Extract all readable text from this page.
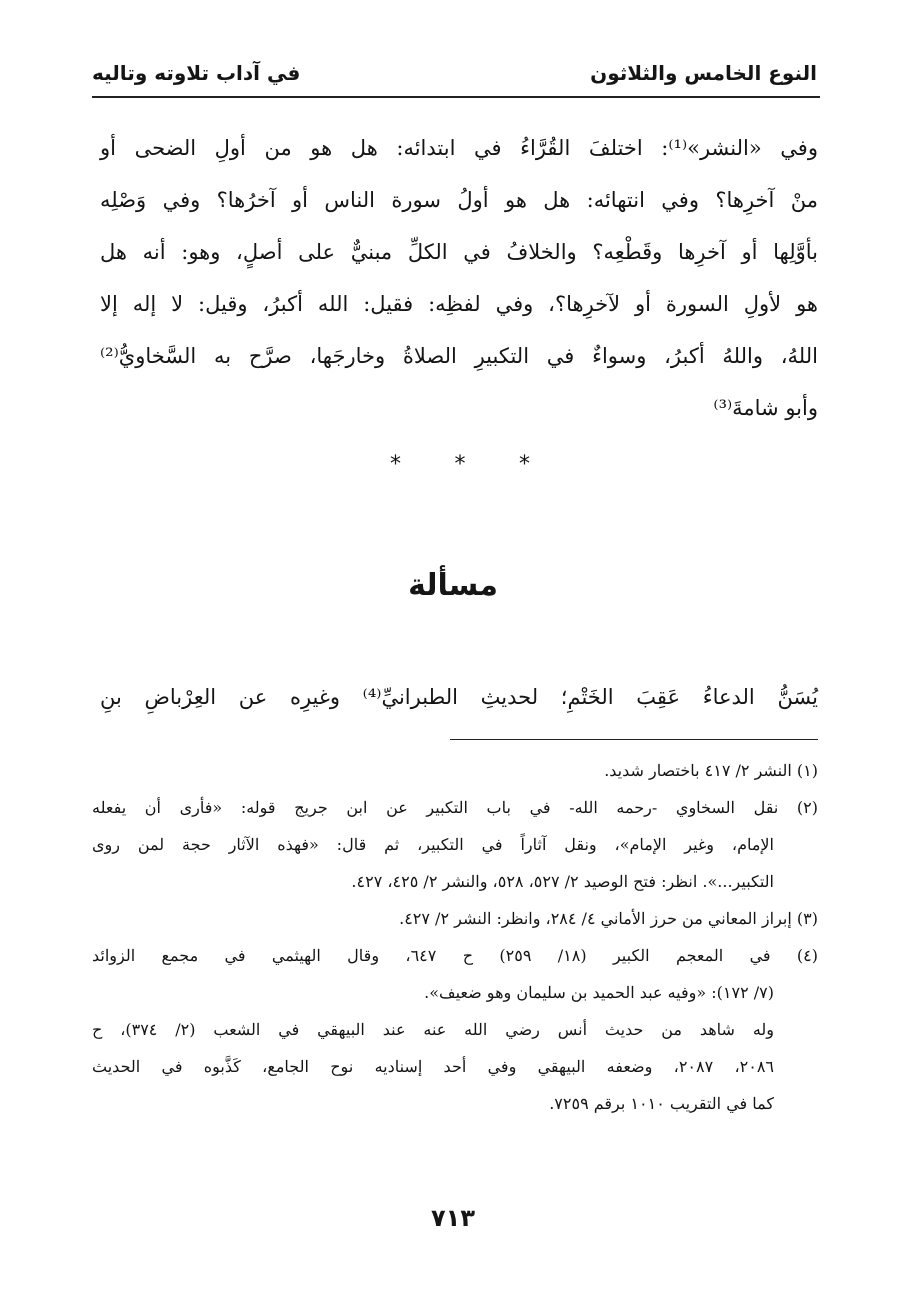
النوع الخامس والثلاثون
في آداب تلاوته وتاليه
وفي «النشر»⁽¹⁾: اختلفَ القُرَّاءُ في ابتدائه: هل هو من أولِ الضحى أو
منْ آخرِها؟ وفي انتهائه: هل هو أولُ سورة الناس أو آخرُها؟ وفي وَصْلِه
بأوَّلِها أو آخرِها وقَطْعِه؟ والخلافُ في الكلِّ مبنيٌّ على أصلٍ، وهو: أنه هل
هو لأولِ السورة أو لآخرِها؟، وفي لفظِه: فقيل: الله أكبرُ، وقيل: لا إله إلا
اللهُ، واللهُ أكبرُ، وسواءٌ في التكبيرِ الصلاةُ وخارجَها، صرَّح به السَّخاويُّ⁽²⁾
وأبو شامةَ⁽³⁾
* * *
مسألة
يُسَنُّ الدعاءُ عَقِبَ الخَتْمِ؛ لحديثِ الطبرانيِّ⁽⁴⁾ وغيرِه عن العِرْباضِ بنِ
(١) النشر ٢/ ٤١٧ باختصار شديد.
(٢) نقل السخاوي -رحمه الله- في باب التكبير عن ابن جريج قوله: «فأرى أن يفعله
الإمام، وغير الإمام»، ونقل آثاراً في التكبير، ثم قال: «فهذه الآثار حجة لمن روى
التكبير...». انظر: فتح الوصيد ٢/ ٥٢٧، ٥٢٨، والنشر ٢/ ٤٢٥، ٤٢٧.
(٣) إبراز المعاني من حرز الأماني ٤/ ٢٨٤، وانظر: النشر ٢/ ٤٢٧.
(٤) في المعجم الكبير (١٨/ ٢٥٩) ح ٦٤٧، وقال الهيثمي في مجمع الزوائد
(٧/ ١٧٢): «وفيه عبد الحميد بن سليمان وهو ضعيف».
وله شاهد من حديث أنس رضي الله عنه عند البيهقي في الشعب (٢/ ٣٧٤)، ح
٢٠٨٦، ٢٠٨٧، وضعفه البيهقي وفي أحد إسناديه نوح الجامع، كَذَّبوه في الحديث
كما في التقريب ١٠١٠ برقم ٧٢٥٩.
٧١٣
